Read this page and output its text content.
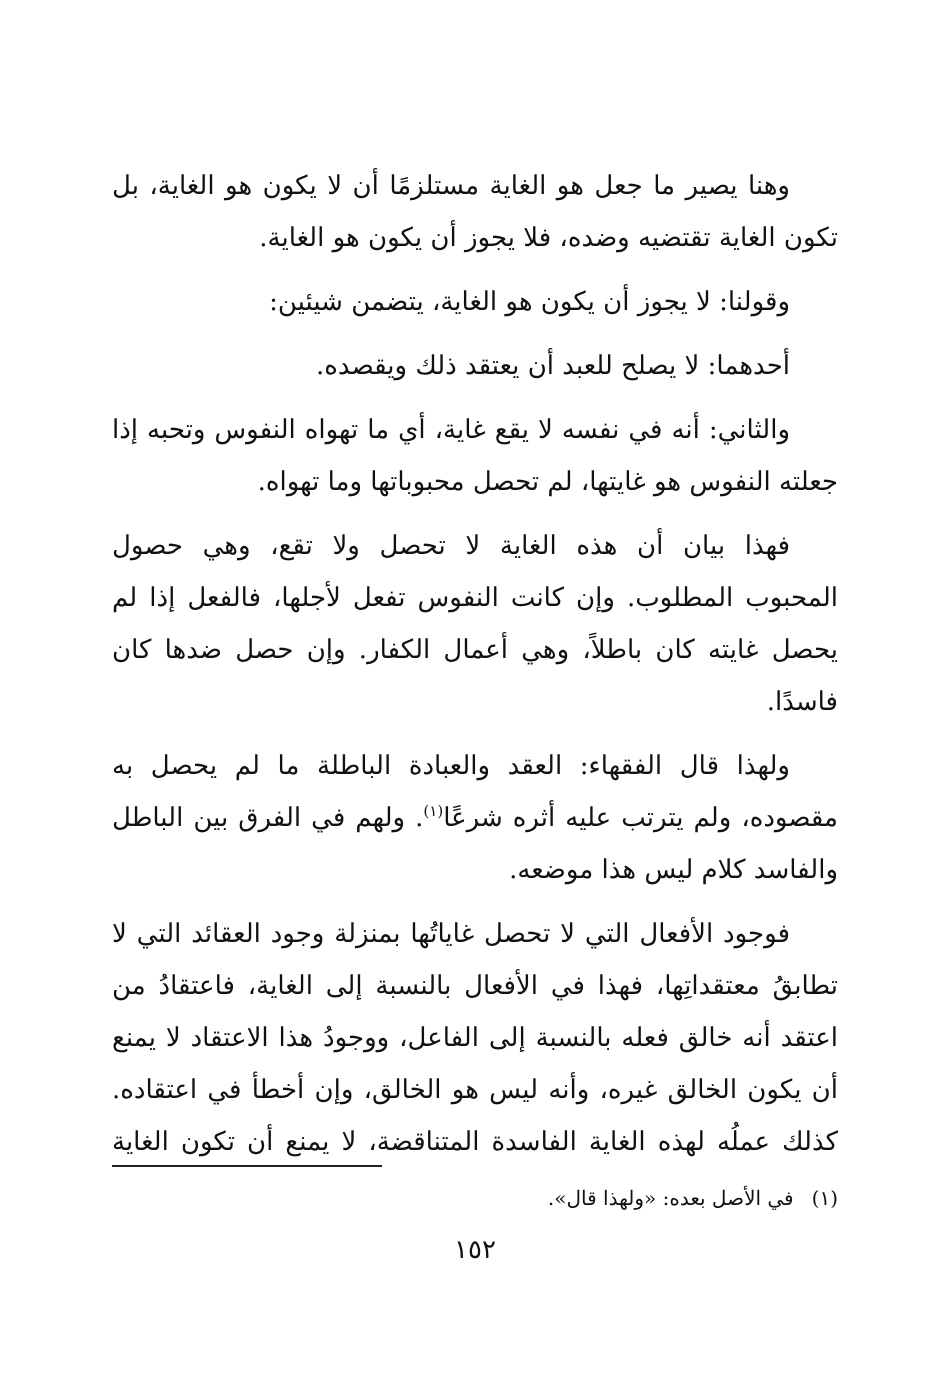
وهنا يصير ما جعل هو الغاية مستلزمًا أن لا يكون هو الغاية، بل
تكون الغاية تقتضيه وضده، فلا يجوز أن يكون هو الغاية.
وقولنا: لا يجوز أن يكون هو الغاية، يتضمن شيئين:
أحدهما: لا يصلح للعبد أن يعتقد ذلك ويقصده.
والثاني: أنه في نفسه لا يقع غاية، أي ما تهواه النفوس وتحبه إذا
جعلته النفوس هو غايتها، لم تحصل محبوباتها وما تهواه.
فهذا بيان أن هذه الغاية لا تحصل ولا تقع، وهي حصول
المحبوب المطلوب. وإن كانت النفوس تفعل لأجلها، فالفعل إذا لم
يحصل غايته كان باطلاً، وهي أعمال الكفار. وإن حصل ضدها كان
فاسدًا.
ولهذا قال الفقهاء: العقد والعبادة الباطلة ما لم يحصل به
مقصوده، ولم يترتب عليه أثره شرعًا$^{(١)}$. ولهم في الفرق بين الباطل
والفاسد كلام ليس هذا موضعه.
فوجود الأفعال التي لا تحصل غاياتُها بمنزلة وجود العقائد التي لا
تطابقُ معتقداتِها، فهذا في الأفعال بالنسبة إلى الغاية، فاعتقادُ من
اعتقد أنه خالق فعله بالنسبة إلى الفاعل، ووجودُ هذا الاعتقاد لا يمنع
أن يكون الخالق غيره، وأنه ليس هو الخالق، وإن أخطأ في اعتقاده.
كذلك عملُه لهذه الغاية الفاسدة المتناقضة، لا يمنع أن تكون الغاية
(١)في الأصل بعده: «ولهذا قال».
١٥٢
